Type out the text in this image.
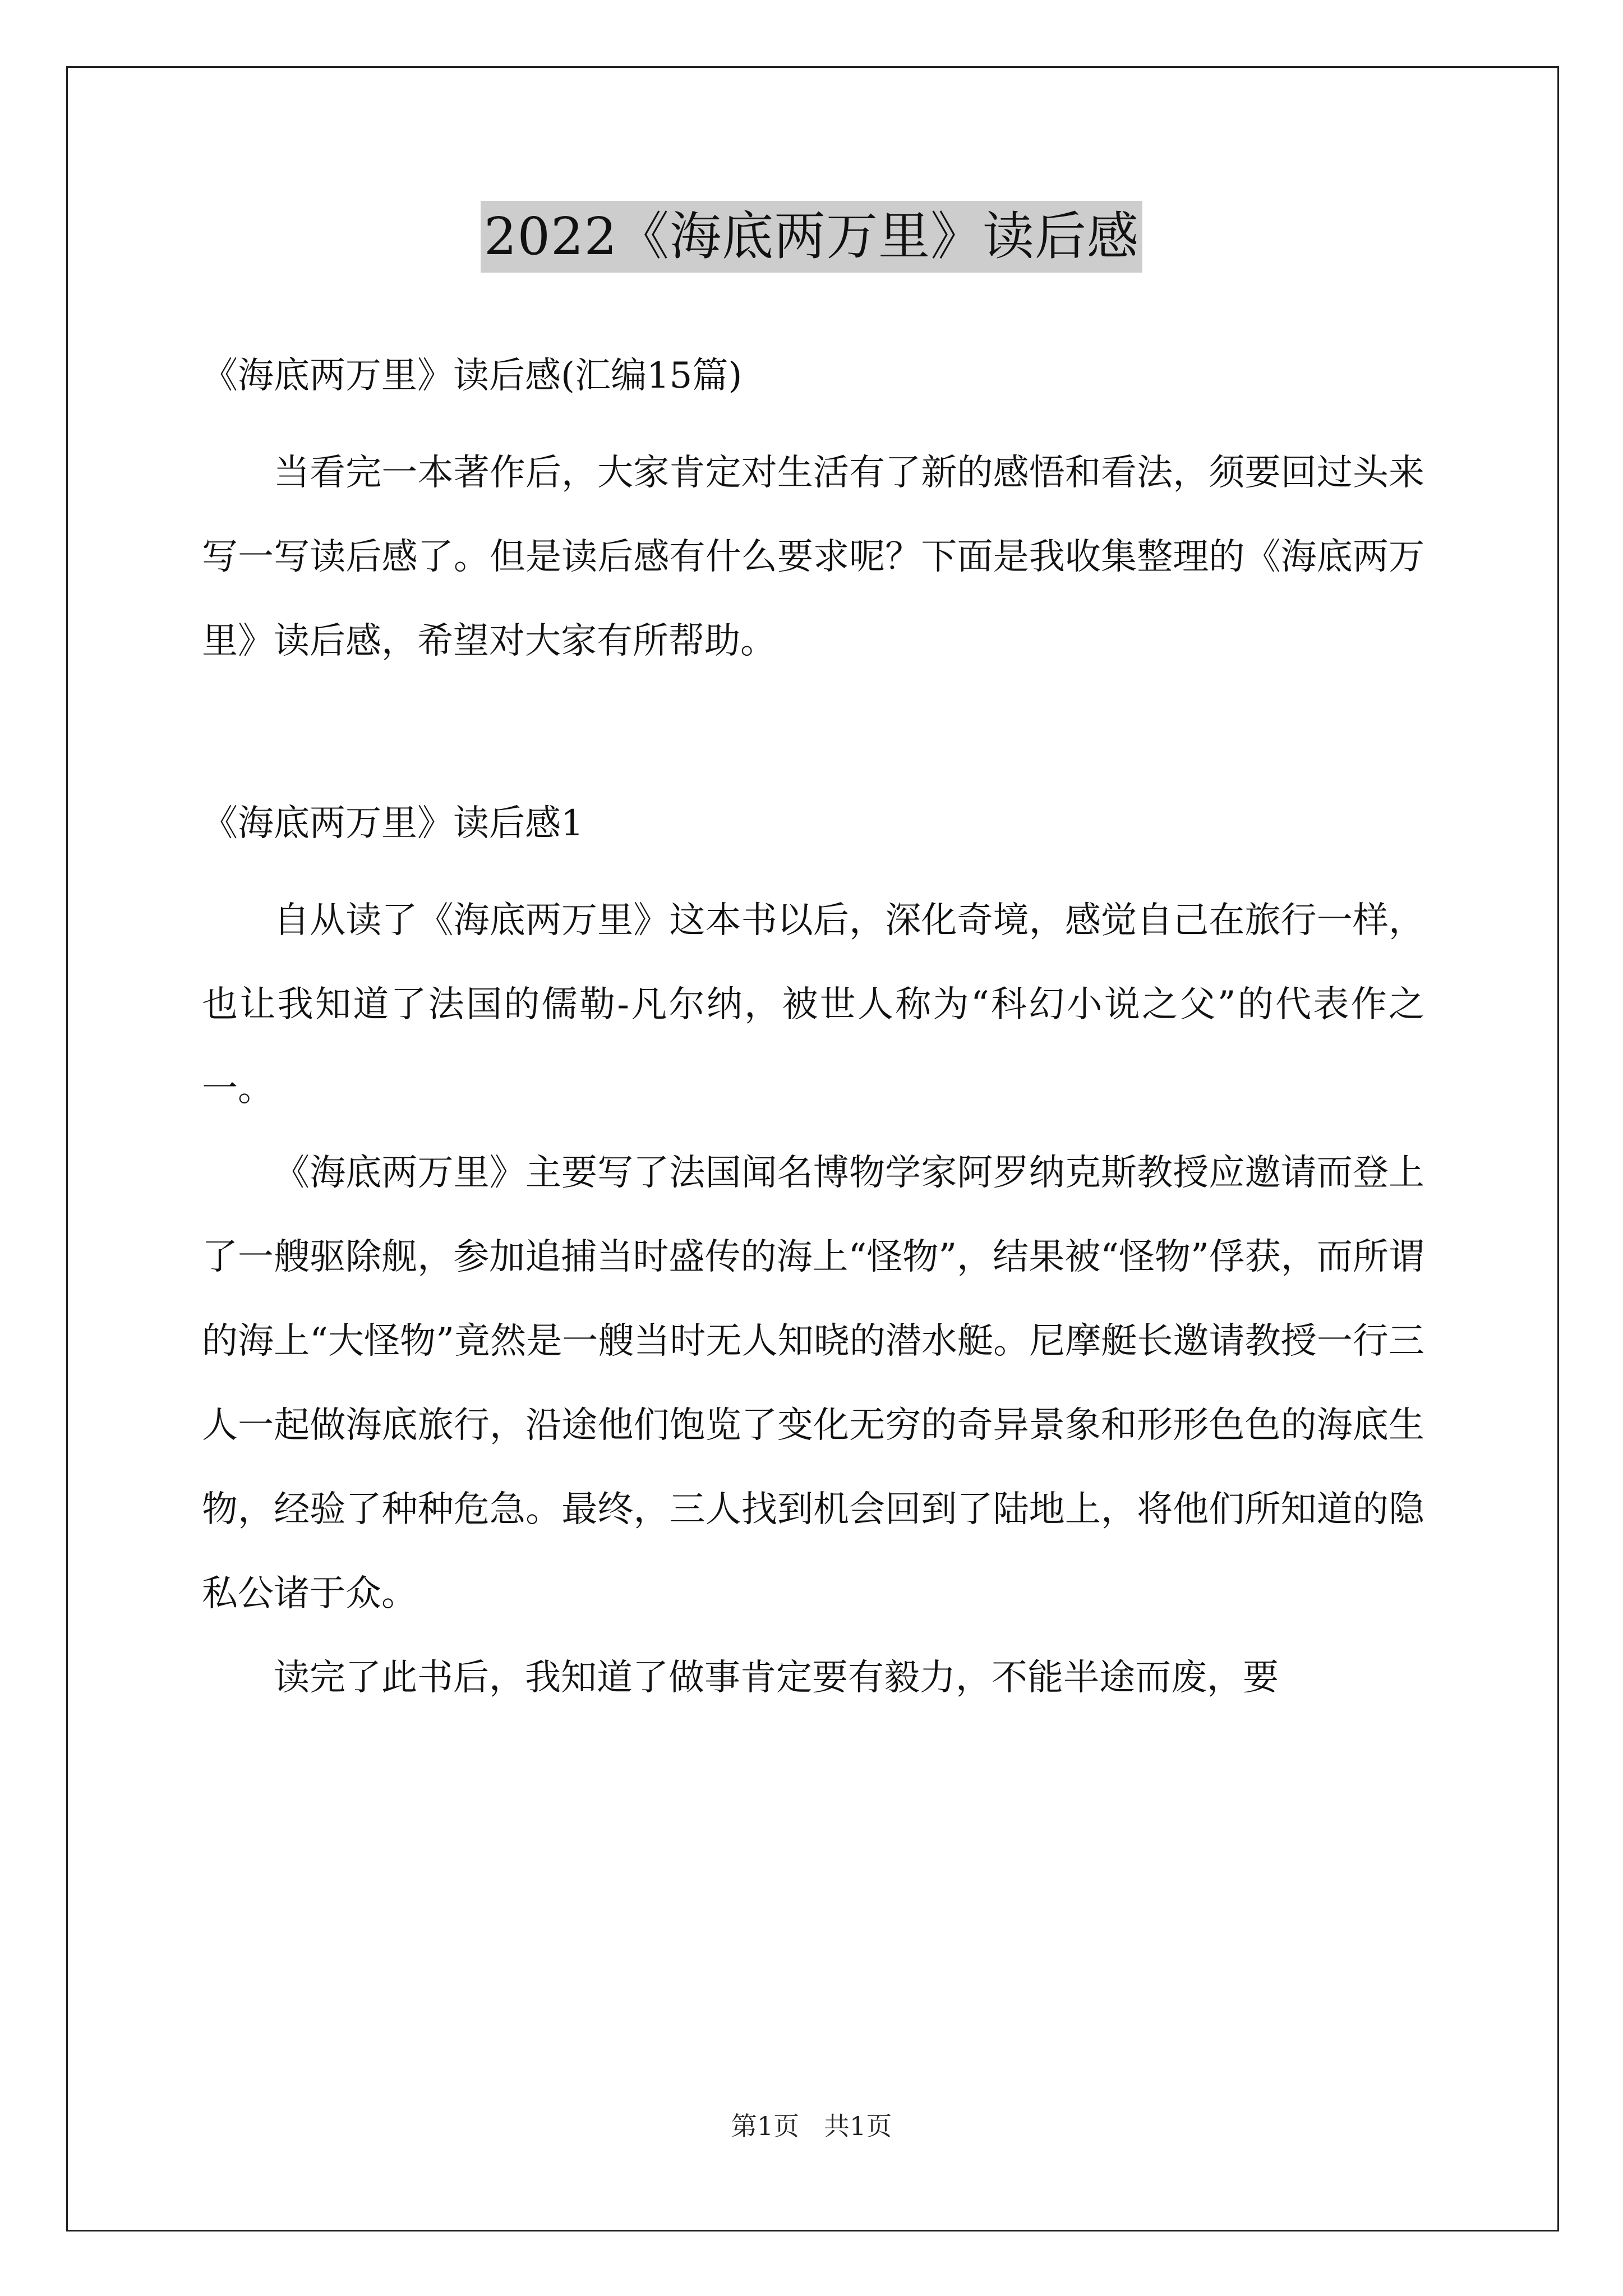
2022《海底两万里》读后感

《海底两万里》读后感(汇编15篇)

当看完一本著作后，大家肯定对生活有了新的感悟和看法，须要回过头来写一写读后感了。但是读后感有什么要求呢？下面是我收集整理的《海底两万里》读后感，希望对大家有所帮助。

《海底两万里》读后感1

自从读了《海底两万里》这本书以后，深化奇境，感觉自己在旅行一样，也让我知道了法国的儒勒-凡尔纳，被世人称为“科幻小说之父”的代表作之一。

《海底两万里》主要写了法国闻名博物学家阿罗纳克斯教授应邀请而登上了一艘驱除舰，参加追捕当时盛传的海上“怪物”，结果被“怪物”俘获，而所谓的海上“大怪物”竟然是一艘当时无人知晓的潜水艇。尼摩艇长邀请教授一行三人一起做海底旅行，沿途他们饱览了变化无穷的奇异景象和形形色色的海底生物，经验了种种危急。最终，三人找到机会回到了陆地上，将他们所知道的隐私公诸于众。

读完了此书后，我知道了做事肯定要有毅力，不能半途而废，要

第1页 共1页
